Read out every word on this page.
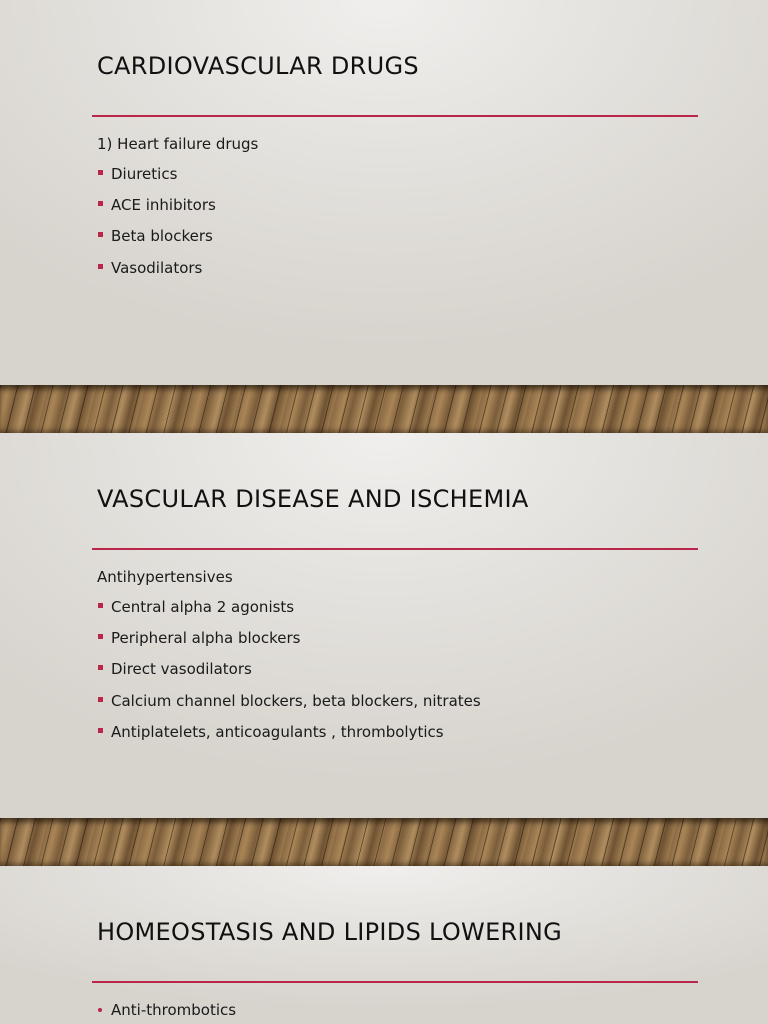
CARDIOVASCULAR DRUGS

1) Heart failure drugs

Diuretics
ACE inhibitors
Beta blockers
Vasodilators
VASCULAR DISEASE AND ISCHEMIA

Antihypertensives

Central alpha 2 agonists
Peripheral alpha blockers
Direct vasodilators
Calcium channel blockers, beta blockers, nitrates
Antiplatelets, anticoagulants , thrombolytics
HOMEOSTASIS AND LIPIDS LOWERING
Anti-thrombotics
